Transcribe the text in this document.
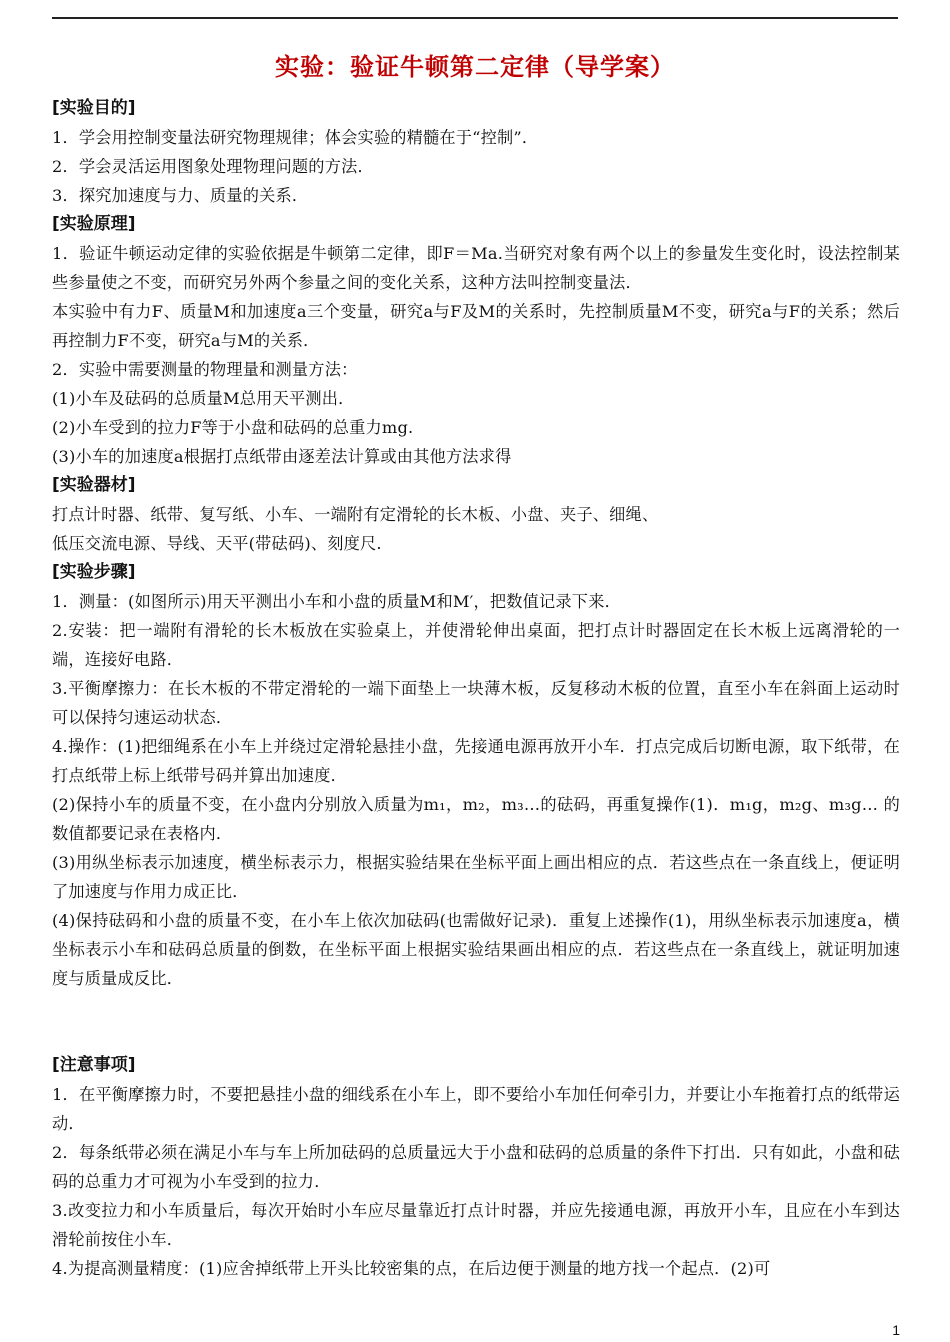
实验：验证牛顿第二定律（导学案）
[实验目的]
1．学会用控制变量法研究物理规律；体会实验的精髓在于“控制”．
2．学会灵活运用图象处理物理问题的方法．
3．探究加速度与力、质量的关系．
[实验原理]
1．验证牛顿运动定律的实验依据是牛顿第二定律，即F＝Ma.当研究对象有两个以上的参量发生变化时，设法控制某些参量使之不变，而研究另外两个参量之间的变化关系，这种方法叫控制变量法．
本实验中有力F、质量M和加速度a三个变量，研究a与F及M的关系时，先控制质量M不变，研究a与F的关系；然后再控制力F不变，研究a与M的关系．
2．实验中需要测量的物理量和测量方法：
(1)小车及砝码的总质量M总用天平测出．
(2)小车受到的拉力F等于小盘和砝码的总重力mg.
(3)小车的加速度a根据打点纸带由逐差法计算或由其他方法求得
[实验器材]
打点计时器、纸带、复写纸、小车、一端附有定滑轮的长木板、小盘、夹子、细绳、
低压交流电源、导线、天平(带砝码)、刻度尺.
[实验步骤]
1．测量：(如图所示)用天平测出小车和小盘的质量M和M′，把数值记录下来．
2.安装：把一端附有滑轮的长木板放在实验桌上，并使滑轮伸出桌面，把打点计时器固定在长木板上远离滑轮的一端，连接好电路．
3.平衡摩擦力：在长木板的不带定滑轮的一端下面垫上一块薄木板，反复移动木板的位置，直至小车在斜面上运动时可以保持匀速运动状态．
4.操作：(1)把细绳系在小车上并绕过定滑轮悬挂小盘，先接通电源再放开小车．打点完成后切断电源，取下纸带，在打点纸带上标上纸带号码并算出加速度．
(2)保持小车的质量不变，在小盘内分别放入质量为m₁，m₂，m₃…的砝码，再重复操作(1)．m₁g，m₂g、m₃g… 的数值都要记录在表格内．
(3)用纵坐标表示加速度，横坐标表示力，根据实验结果在坐标平面上画出相应的点．若这些点在一条直线上，便证明了加速度与作用力成正比．
(4)保持砝码和小盘的质量不变，在小车上依次加砝码(也需做好记录)．重复上述操作(1)，用纵坐标表示加速度a，横坐标表示小车和砝码总质量的倒数，在坐标平面上根据实验结果画出相应的点．若这些点在一条直线上，就证明加速度与质量成反比．
[注意事项]
1．在平衡摩擦力时，不要把悬挂小盘的细线系在小车上，即不要给小车加任何牵引力，并要让小车拖着打点的纸带运动．
2．每条纸带必须在满足小车与车上所加砝码的总质量远大于小盘和砝码的总质量的条件下打出．只有如此，小盘和砝码的总重力才可视为小车受到的拉力．
3.改变拉力和小车质量后，每次开始时小车应尽量靠近打点计时器，并应先接通电源，再放开小车，且应在小车到达滑轮前按住小车．
4.为提高测量精度：(1)应舍掉纸带上开头比较密集的点，在后边便于测量的地方找一个起点．(2)可
1
